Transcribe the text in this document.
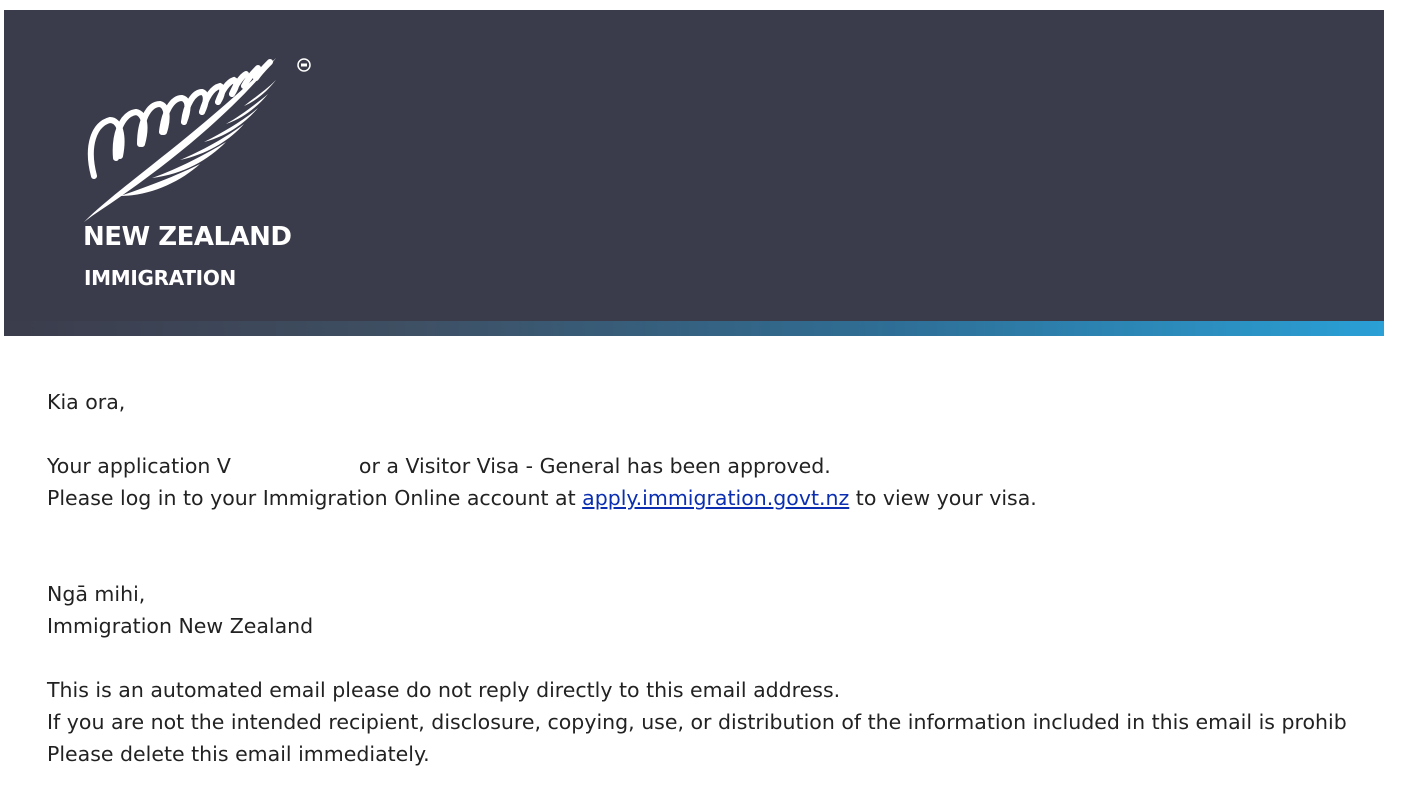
NEW ZEALAND
IMMIGRATION

Kia ora,

Your application V	or a Visitor Visa - General has been approved.

Please log in to your Immigration Online account at apply.immigration.govt.nz to view your visa.

Ngā mihi,

Immigration New Zealand

This is an automated email please do not reply directly to this email address.

If you are not the intended recipient, disclosure, copying, use, or distribution of the information included in this email is prohib

Please delete this email immediately.
